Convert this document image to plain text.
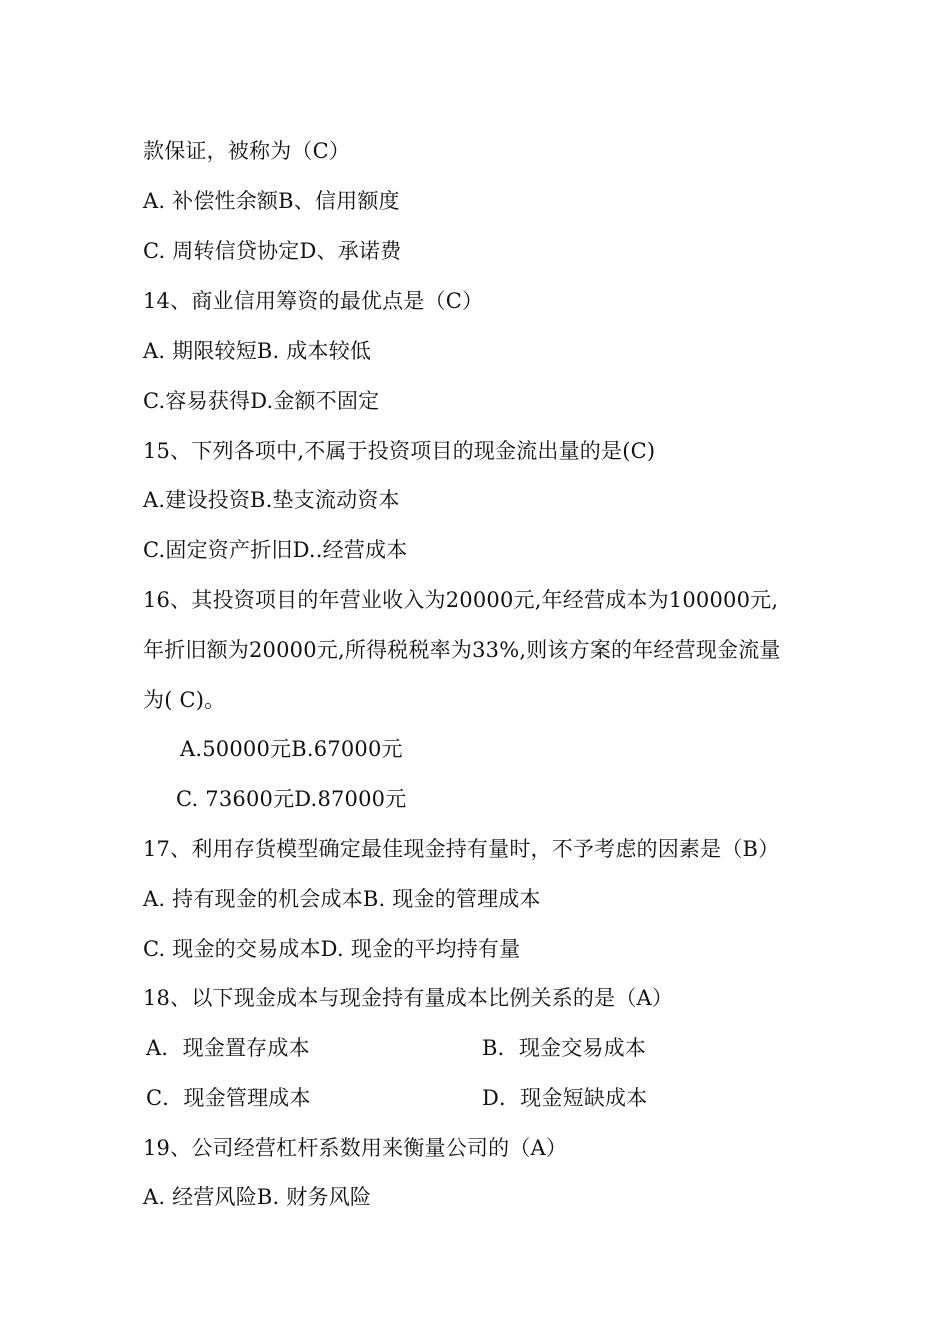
款保证，被称为（C）
A. 补偿性余额B、信用额度
C. 周转信贷协定D、承诺费
14、商业信用筹资的最优点是（C）
A. 期限较短B. 成本较低
C.容易获得D.金额不固定
15、下列各项中,不属于投资项目的现金流出量的是(C)
A.建设投资B.垫支流动资本
C.固定资产折旧D..经营成本
16、其投资项目的年营业收入为20000元,年经营成本为100000元,
年折旧额为20000元,所得税税率为33%,则该方案的年经营现金流量
为( C)。
A.50000元B.67000元
C. 73600元D.87000元
17、利用存货模型确定最佳现金持有量时，不予考虑的因素是（B）
A. 持有现金的机会成本B. 现金的管理成本
C. 现金的交易成本D. 现金的平均持有量
18、以下现金成本与现金持有量成本比例关系的是（A）
A．现金置存成本	B．现金交易成本
C．现金管理成本	D．现金短缺成本
19、公司经营杠杆系数用来衡量公司的（A）
A. 经营风险B. 财务风险
